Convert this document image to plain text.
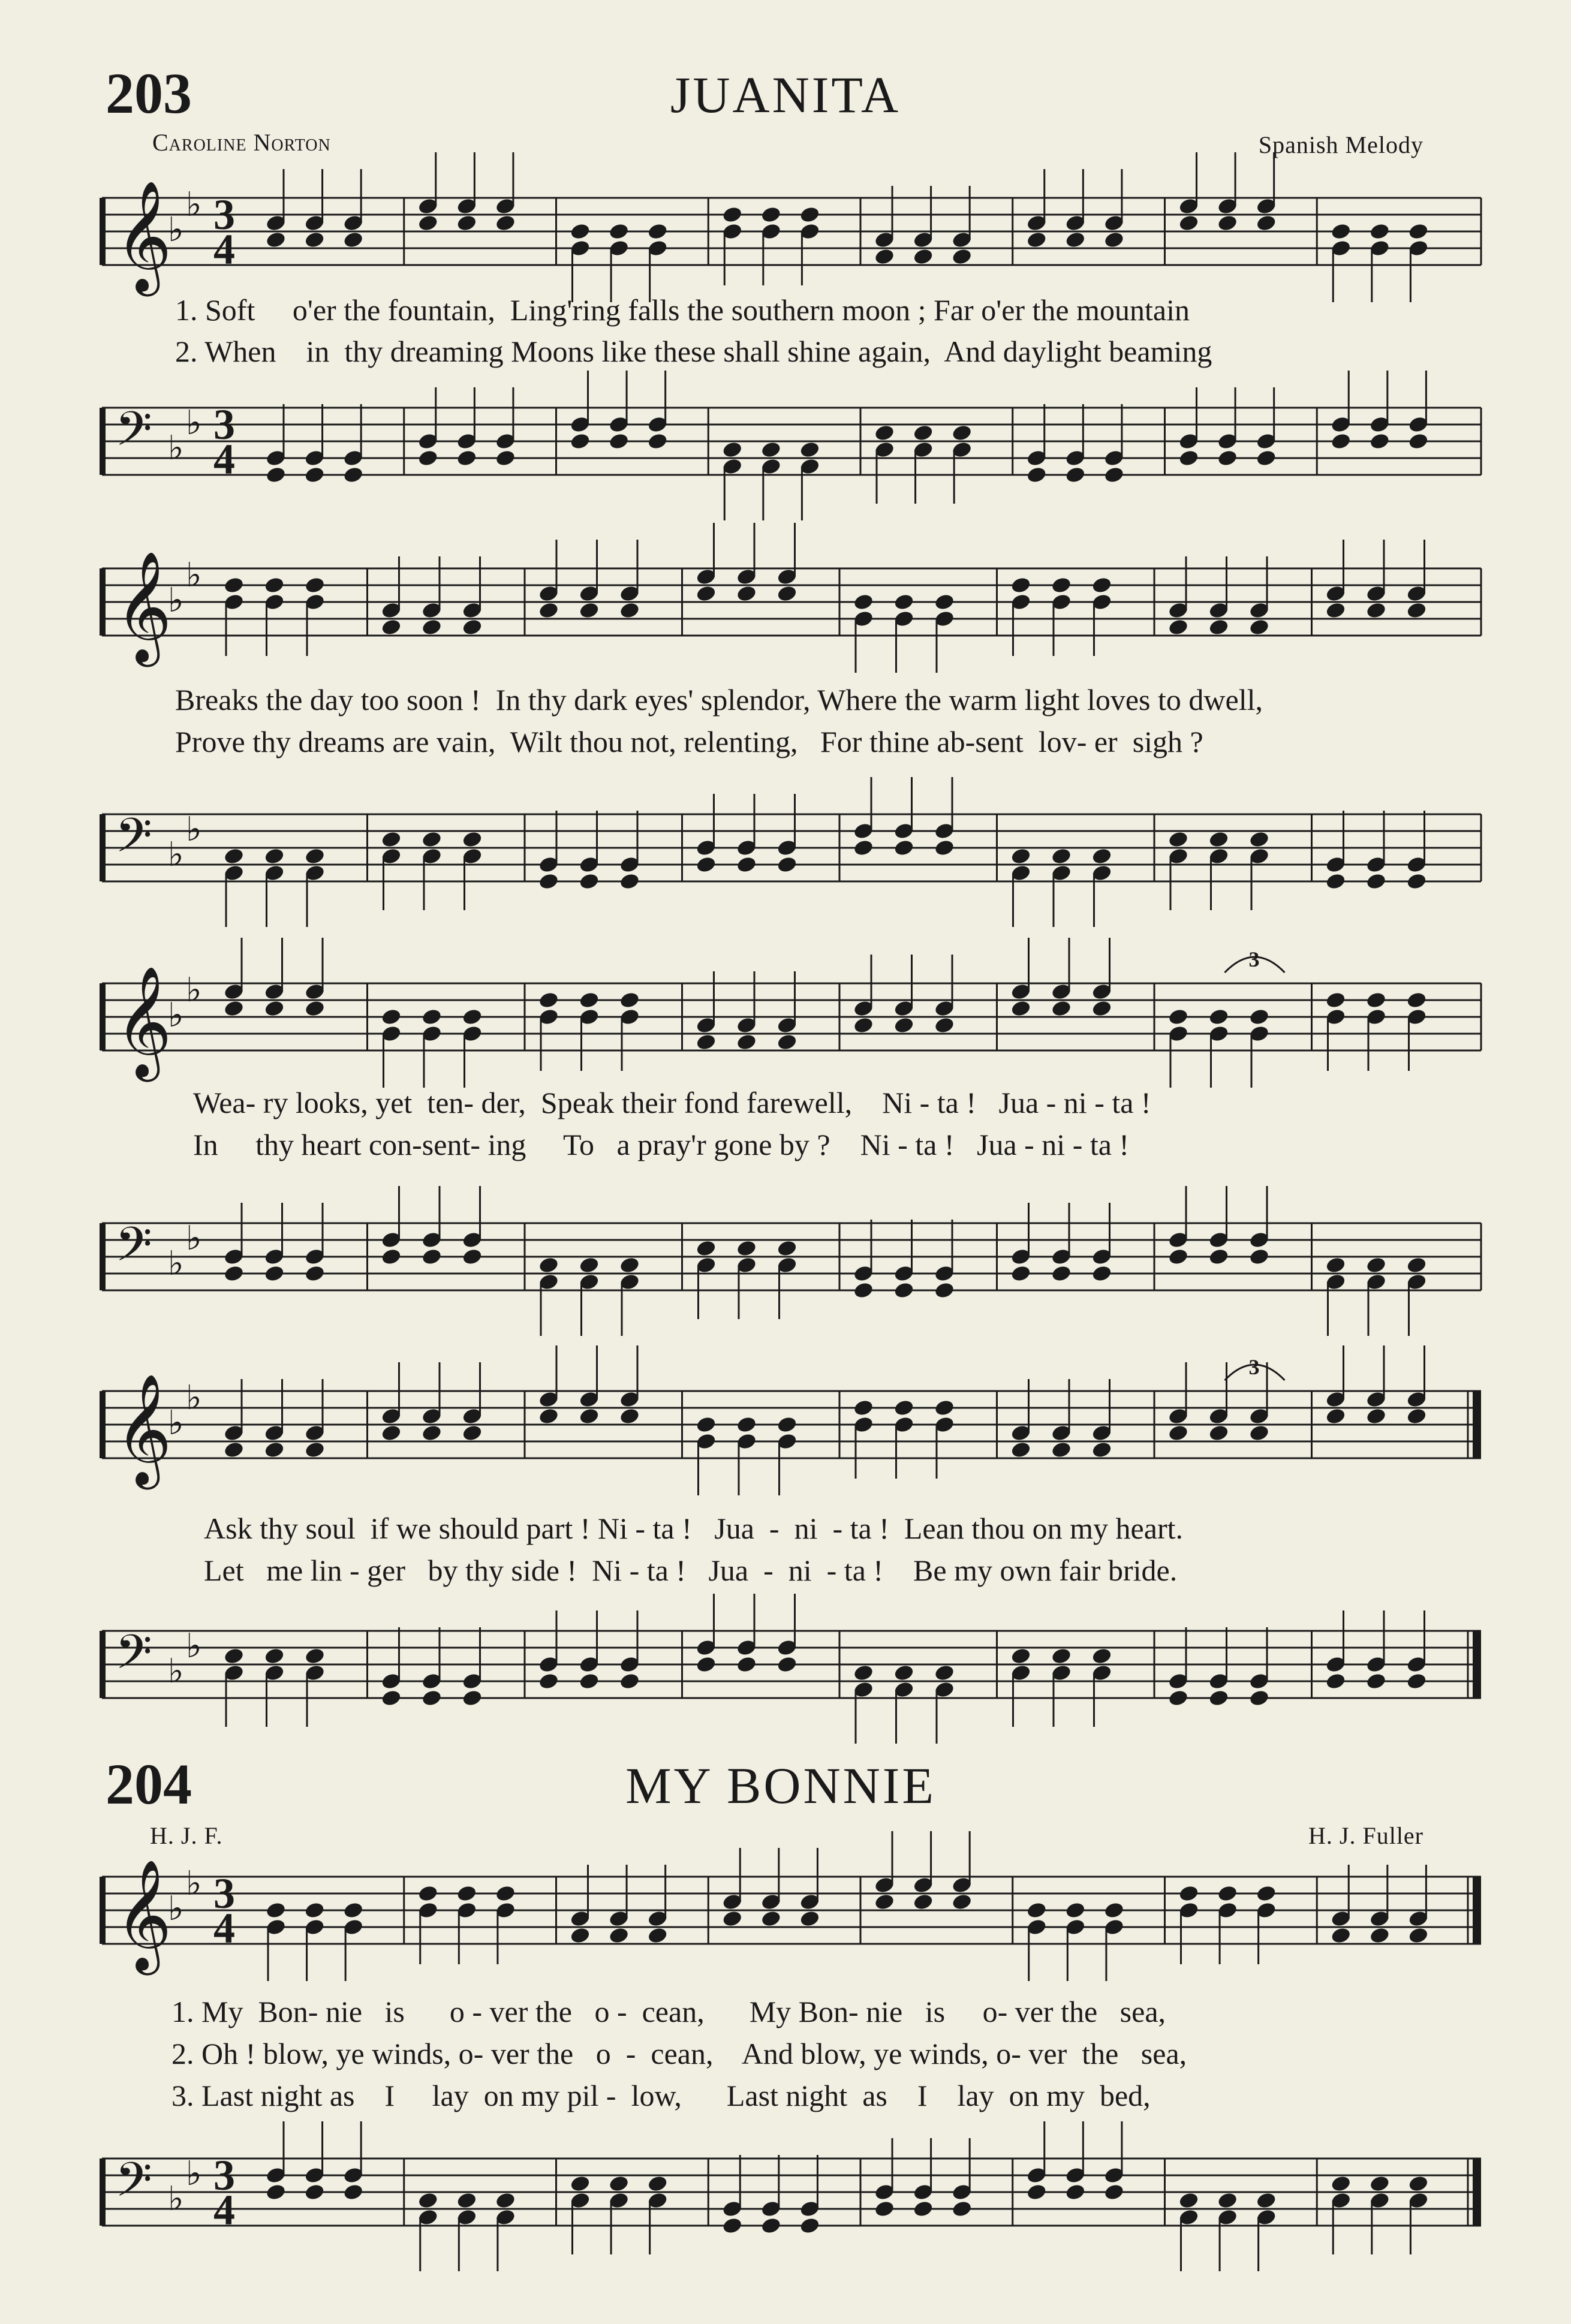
203	JUANITA
Caroline Norton	Spanish Melody
𝄞
♭
♭ 3
4
1. Soft     o'er the fountain,  Ling'ring falls the southern moon ; Far o'er the mountain
2. When    in  thy dreaming Moons like these shall shine again,  And daylight beaming
𝄢 ♭
♭ 3
4
𝄞
♭
♭
Breaks the day too soon !  In thy dark eyes' splendor, Where the warm light loves to dwell,
Prove thy dreams are vain,  Wilt thou not, relenting,   For thine ab-sent  lov- er  sigh ?
𝄢 ♭
♭
𝄞
♭
♭
3
Wea- ry looks, yet  ten- der,  Speak their fond farewell,    Ni - ta !   Jua - ni - ta !
In     thy heart con-sent- ing     To   a pray'r gone by ?    Ni - ta !   Jua - ni - ta !
𝄢 ♭
♭
𝄞
♭
♭
3
Ask thy soul  if we should part ! Ni - ta !   Jua  -  ni  - ta !  Lean thou on my heart.
Let   me lin - ger   by thy side !  Ni - ta !   Jua  -  ni  - ta !    Be my own fair bride.
𝄢 ♭
♭
204	MY BONNIE
H. J. F.	H. J. Fuller
𝄞
♭
♭ 3
4
1. My  Bon- nie   is      o - ver the   o -  cean,      My Bon- nie   is     o- ver the   sea,
2. Oh ! blow, ye winds, o- ver the   o  -  cean,    And blow, ye winds, o- ver  the   sea,
3. Last night as    I     lay  on my pil -  low,      Last night  as    I    lay  on my  bed,
𝄢 ♭
♭ 3
4
